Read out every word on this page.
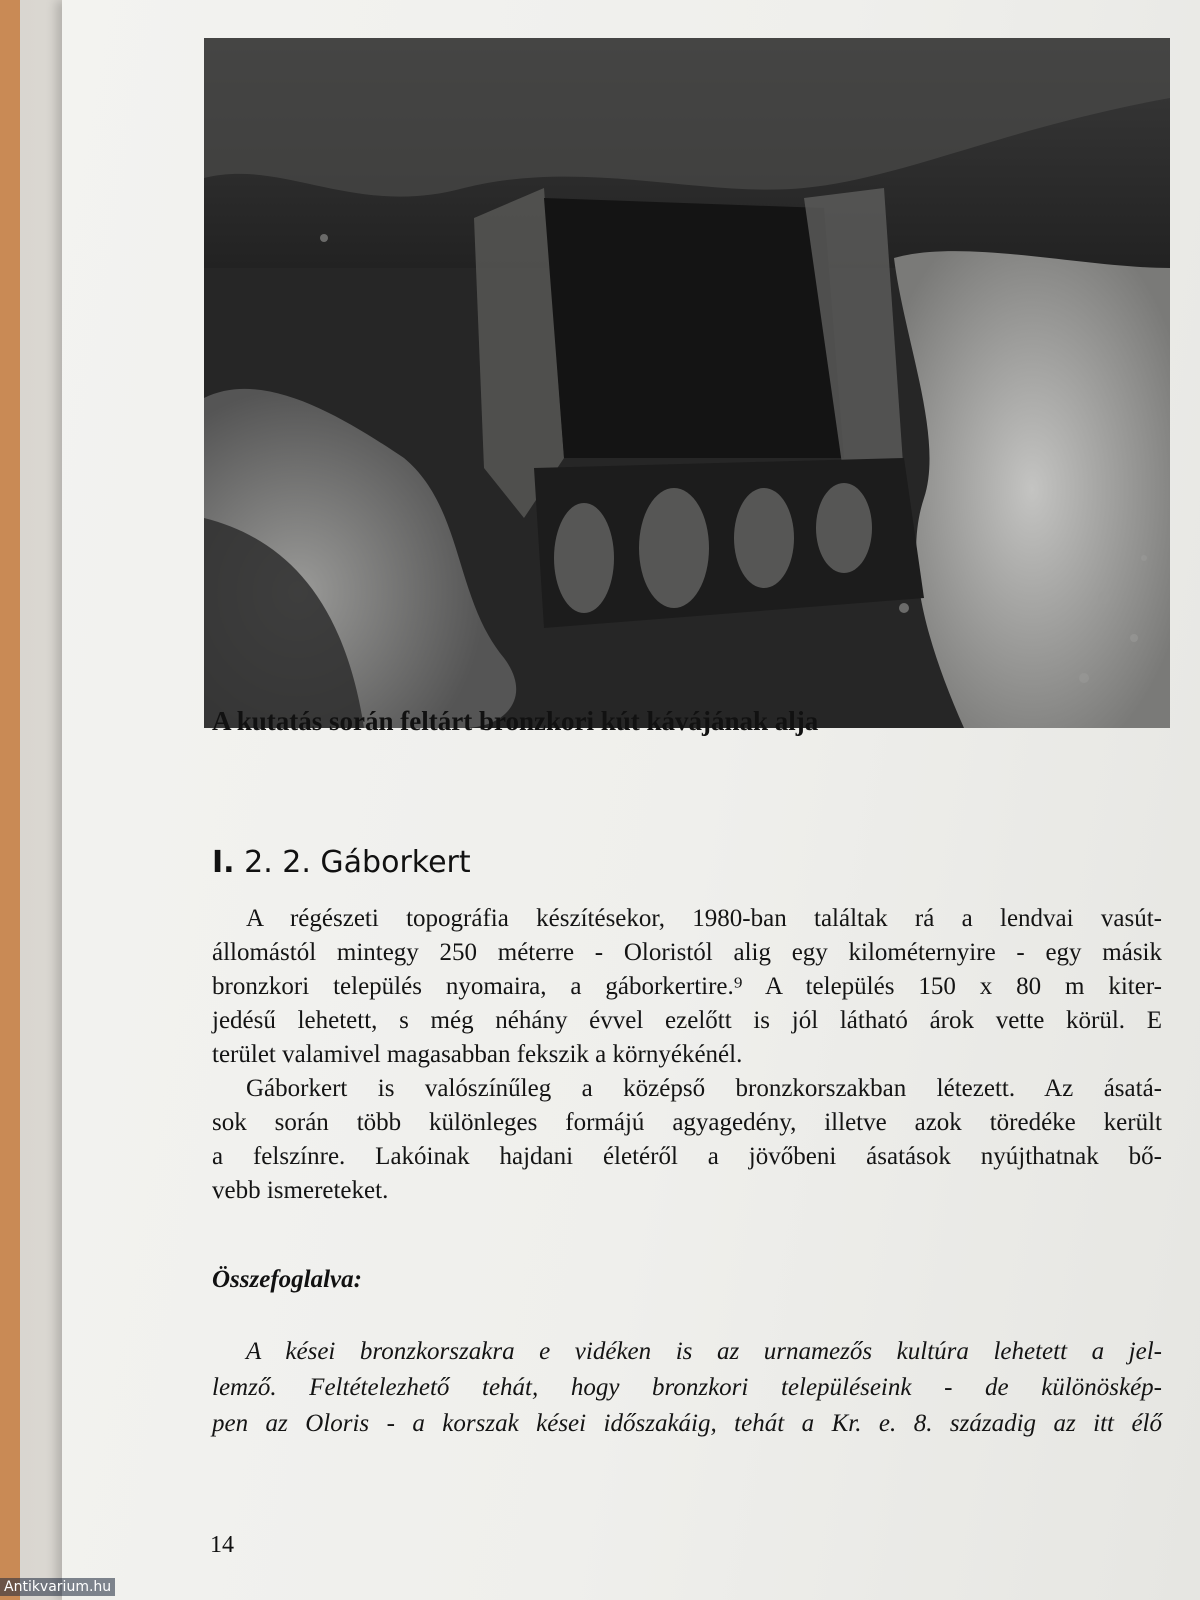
A kutatás során feltárt bronzkori kút kávájának alja
I. 2. 2. Gáborkert
A régészeti topográfia készítésekor, 1980-ban találtak rá a lendvai vasút-
állomástól mintegy 250 méterre - Oloristól alig egy kilométernyire - egy másik
bronzkori település nyomaira, a gáborkertire.⁹ A település 150 x 80 m kiter-
jedésű lehetett, s még néhány évvel ezelőtt is jól látható árok vette körül. E
terület valamivel magasabban fekszik a környékénél.
Gáborkert is valószínűleg a középső bronzkorszakban létezett. Az ásatá-
sok során több különleges formájú agyagedény, illetve azok töredéke került
a felszínre. Lakóinak hajdani életéről a jövőbeni ásatások nyújthatnak bő-
vebb ismereteket.
Összefoglalva:
A kései bronzkorszakra e vidéken is az urnamezős kultúra lehetett a jel-
lemző. Feltételezhető tehát, hogy bronzkori településeink - de különöskép-
pen az Oloris - a korszak kései időszakáig, tehát a Kr. e. 8. századig az itt élő
14
Antikvarium.hu
